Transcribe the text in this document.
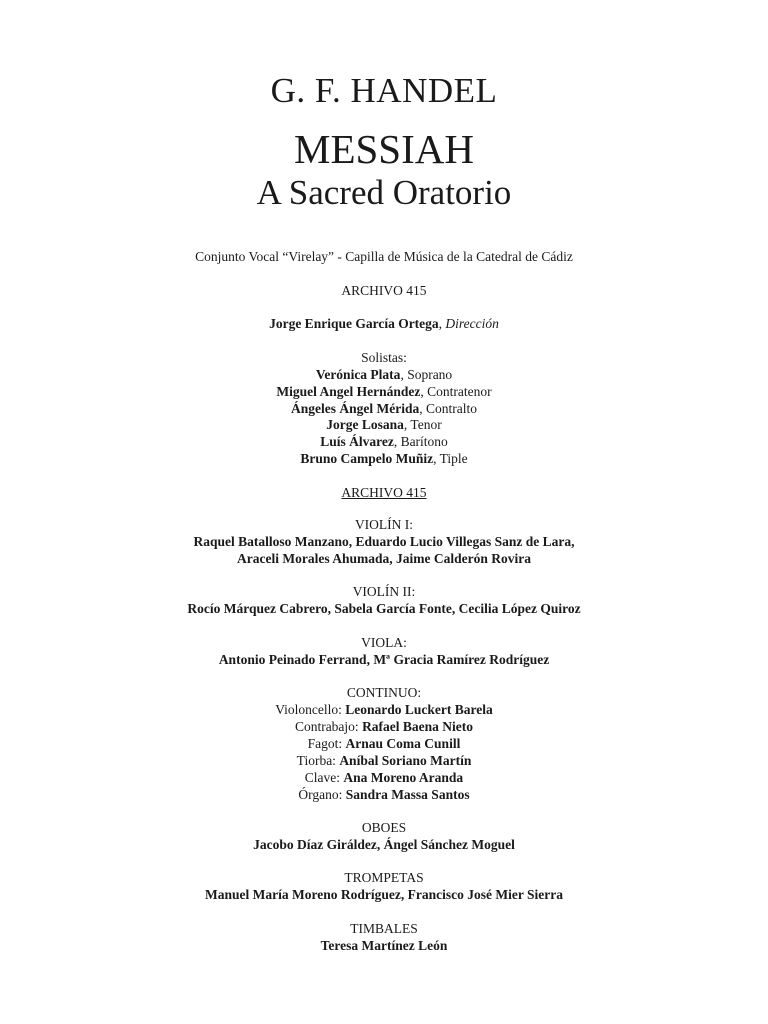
G. F. HANDEL
MESSIAH
A Sacred Oratorio
Conjunto Vocal “Virelay” - Capilla de Música de la Catedral de Cádiz
ARCHIVO 415
Jorge Enrique García Ortega, Dirección
Solistas:
Verónica Plata, Soprano
Miguel Angel Hernández, Contratenor
Ángeles Ángel Mérida, Contralto
Jorge Losana, Tenor
Luís Álvarez, Barítono
Bruno Campelo Muñiz, Tiple
ARCHIVO 415
VIOLÍN I:
Raquel Batalloso Manzano, Eduardo Lucio Villegas Sanz de Lara,
Araceli Morales Ahumada, Jaime Calderón Rovira
VIOLÍN II:
Rocío Márquez Cabrero, Sabela García Fonte, Cecilia López Quiroz
VIOLA:
Antonio Peinado Ferrand, Mª Gracia Ramírez Rodríguez
CONTINUO:
Violoncello: Leonardo Luckert Barela
Contrabajo: Rafael Baena Nieto
Fagot: Arnau Coma Cunill
Tiorba: Aníbal Soriano Martín
Clave: Ana Moreno Aranda
Órgano: Sandra Massa Santos
OBOES
Jacobo Díaz Giráldez, Ángel Sánchez Moguel
TROMPETAS
Manuel María Moreno Rodríguez, Francisco José Mier Sierra
TIMBALES
Teresa Martínez León
